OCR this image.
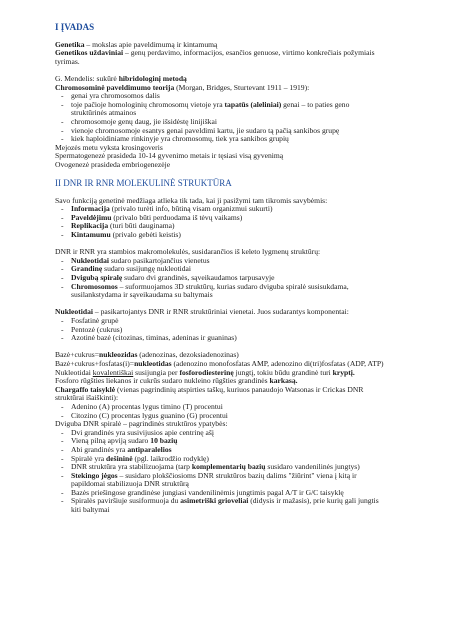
I ĮVADAS
Genetika – mokslas apie paveldimumą ir kintamumą
Genetikos uždaviniai – genų perdavimo, informacijos, esančios genuose, virtimo konkrečiais požymiais
tyrimas.
G. Mendelis: sukūrė hibridologinį metodą
Chromosominė paveldimumo teorija (Morgan, Bridges, Sturtevant 1911 – 1919):
- genai yra chromosomos dalis
- toje pačioje homologinių chromosomų vietoje yra tapatūs (aleliniai) genai – to paties geno
struktūrinės atmainos
- chromosomoje genų daug, jie išsidėstę linijiškai
- vienoje chromosomoje esantys genai paveldimi kartu, jie sudaro tą pačią sankibos grupę
- kiek haploidiniame rinkinyje yra chromosomų, tiek yra sankibos grupių
Mejozės metu vyksta krosingoveris
Spermatogenezė prasideda 10-14 gyvenimo metais ir tęsiasi visą gyvenimą
Ovogenezė prasideda embriogenezėje
II DNR IR RNR MOLEKULINĖ STRUKTŪRA
Savo funkciją genetinė medžiaga atlieka tik tada, kai ji pasižymi tam tikromis savybėmis:
- Informacija (privalo turėti info, būtiną visam organizmui sukurti)
- Paveldėjimu (privalo būti perduodama iš tėvų vaikams)
- Replikacija (turi būti dauginama)
- Kintamumu (privalo gebėti keistis)
DNR ir RNR yra stambios makromolekulės, susidarančios iš keleto lygmenų struktūrų:
- Nukleotidai sudaro pasikartojančius vienetus
- Grandinę sudaro susijungę nukleotidai
- Dvigubą spiralę sudaro dvi grandinės, sąveikaudamos tarpusavyje
- Chromosomos – suformuojamos 3D struktūrų, kurias sudaro dviguba spiralė susisukdama,
susilankstydama ir sąveikaudama su baltymais
Nukleotidai – pasikartojantys DNR ir RNR struktūriniai vienetai. Juos sudarantys komponentai:
- Fosfatinė grupė
- Pentozė (cukrus)
- Azotinė bazė (citozinas, timinas, adeninas ir guaninas)
Bazė+cukrus=nukleozidas (adenozinas, dezoksiadenozinas)
Bazė+cukrus+fosfatas(i)=nukleotidas (adenozino monofosfatas AMP, adenozino di(tri)fosfatas (ADP, ATP)
Nukleotidai kovalentiškai susijungia per fosforodiesterinę jungtį, tokiu būdu grandinė turi kryptį.
Fosforo rūgšties liekanos ir cukrūs sudaro nukleino rūgšties grandinės karkasą.
Chargaffo taisyklė (vienas pagrindinių atspirties taškų, kuriuos panaudojo Watsonas ir Crickas DNR
struktūrai išaiškinti):
- Adenino (A) procentas lygus timino (T) procentui
- Citozino (C) procentas lygus guanino (G) procentui
Dviguba DNR spiralė – pagrindinės struktūros ypatybės:
- Dvi grandinės yra susivijusios apie centrinę ašį
- Vieną pilną apviją sudaro 10 bazių
- Abi grandinės yra antiparalelios
- Spiralė yra dešininė (pgl. laikrodžio rodyklę)
- DNR struktūra yra stabilizuojama (tarp komplementarių bazių susidaro vandenilinės jungtys)
- Stekingo jėgos – susidaro plokščiosioms DNR struktūros bazių dalims "žiūrint" viena į kitą ir
papildomai stabilizuoja DNR struktūrą
- Bazės priešingose grandinėse jungiasi vandenilinėmis jungtimis pagal A/T ir G/C taisyklę
- Spiralės paviršiuje susiformuoja du asimetriški grioveliai (didysis ir mažasis), prie kurių gali jungtis
kiti baltymai
